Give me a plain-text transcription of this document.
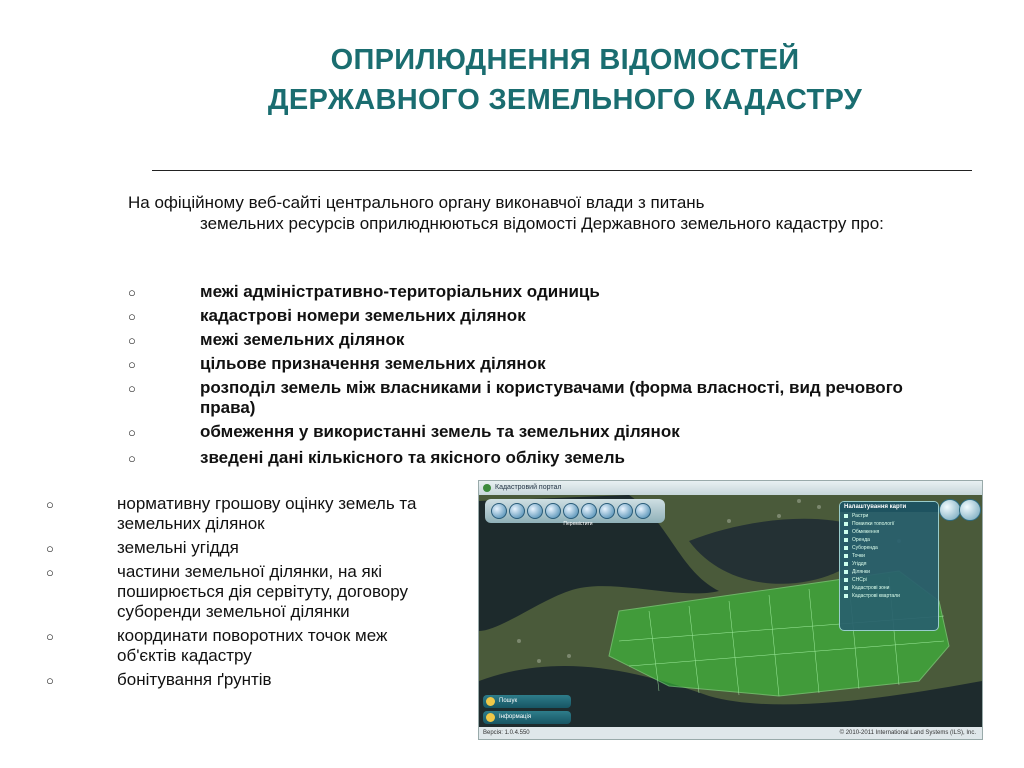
ОПРИЛЮДНЕННЯ ВІДОМОСТЕЙ
ДЕРЖАВНОГО ЗЕМЕЛЬНОГО КАДАСТРУ
На офіційному веб-сайті центрального органу виконавчої влади з питань
земельних ресурсів оприлюднюються відомості Державного земельного кадастру про:
○	межі адміністративно-територіальних одиниць
○	кадастрові номери земельних ділянок
○	межі земельних ділянок
○	цільове призначення земельних ділянок
○	розподіл земель між власниками і користувачами (форма власності, вид речового права)
○	обмеження у використанні земель та земельних ділянок
○	зведені дані кількісного та якісного обліку земель
○	нормативну грошову оцінку земель та земельних ділянок
○	земельні угіддя
○	частини земельної ділянки, на які поширюється дія сервітуту, договору суборенди земельної ділянки
○	координати поворотних точок меж об'єктів кадастру
○	бонітування ґрунтів
Кадастровий портал
Перемістити
Налаштування карти
Растри
Помилки топології
Обмеження
Оренда
Суборенда
Точки
Угіддя
Ділянки
СНСрі
Кадастрові зони
Кадастрові квартали
Пошук
Інформація
Версія: 1.0.4.550	© 2010-2011 International Land Systems (ILS), Inc.
